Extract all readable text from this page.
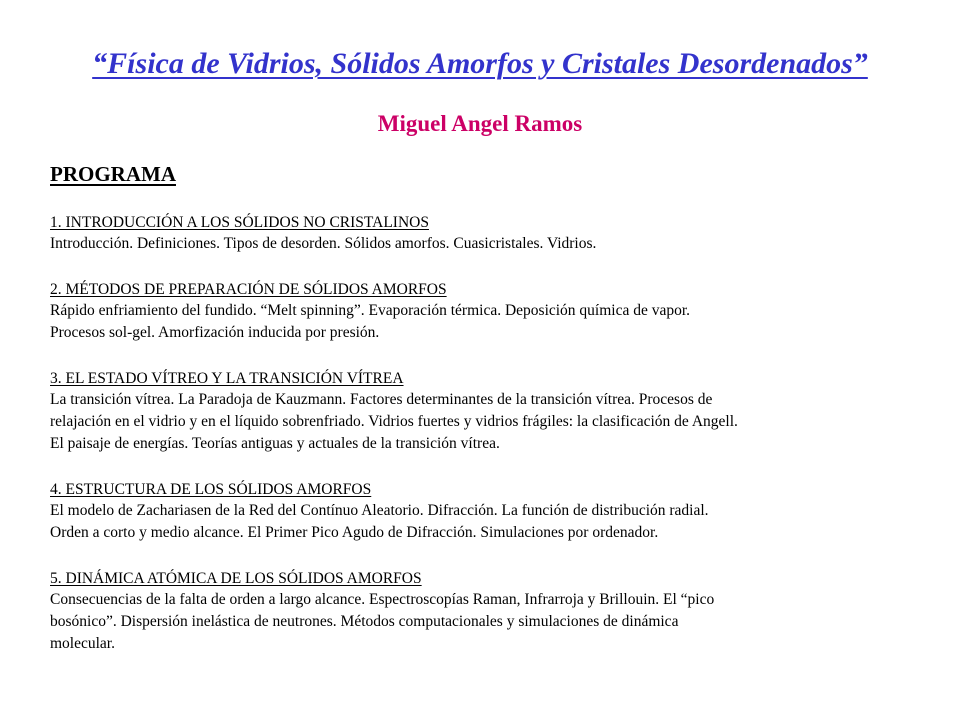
“Física de Vidrios, Sólidos Amorfos y Cristales Desordenados”
Miguel Angel Ramos
PROGRAMA

1. INTRODUCCIÓN A LOS SÓLIDOS NO CRISTALINOS

Introducción. Definiciones. Tipos de desorden. Sólidos amorfos. Cuasicristales. Vidrios.

2. MÉTODOS DE PREPARACIÓN DE SÓLIDOS AMORFOS

Rápido enfriamiento del fundido. “Melt spinning”. Evaporación térmica. Deposición química de vapor.
Procesos sol-gel. Amorfización inducida por presión.

3. EL ESTADO VÍTREO Y LA TRANSICIÓN VÍTREA

La transición vítrea. La Paradoja de Kauzmann. Factores determinantes de la transición vítrea. Procesos de
relajación en el vidrio y en el líquido sobrenfriado. Vidrios fuertes y vidrios frágiles: la clasificación de Angell.
El paisaje de energías. Teorías antiguas y actuales de la transición vítrea.

4. ESTRUCTURA DE LOS SÓLIDOS AMORFOS

El modelo de Zachariasen de la Red del Contínuo Aleatorio. Difracción. La función de distribución radial.
Orden a corto y medio alcance. El Primer Pico Agudo de Difracción. Simulaciones por ordenador.

5. DINÁMICA ATÓMICA DE LOS SÓLIDOS AMORFOS

Consecuencias de la falta de orden a largo alcance. Espectroscopías Raman, Infrarroja y Brillouin. El “pico
bosónico”. Dispersión inelástica de neutrones. Métodos computacionales y simulaciones de dinámica
molecular.
